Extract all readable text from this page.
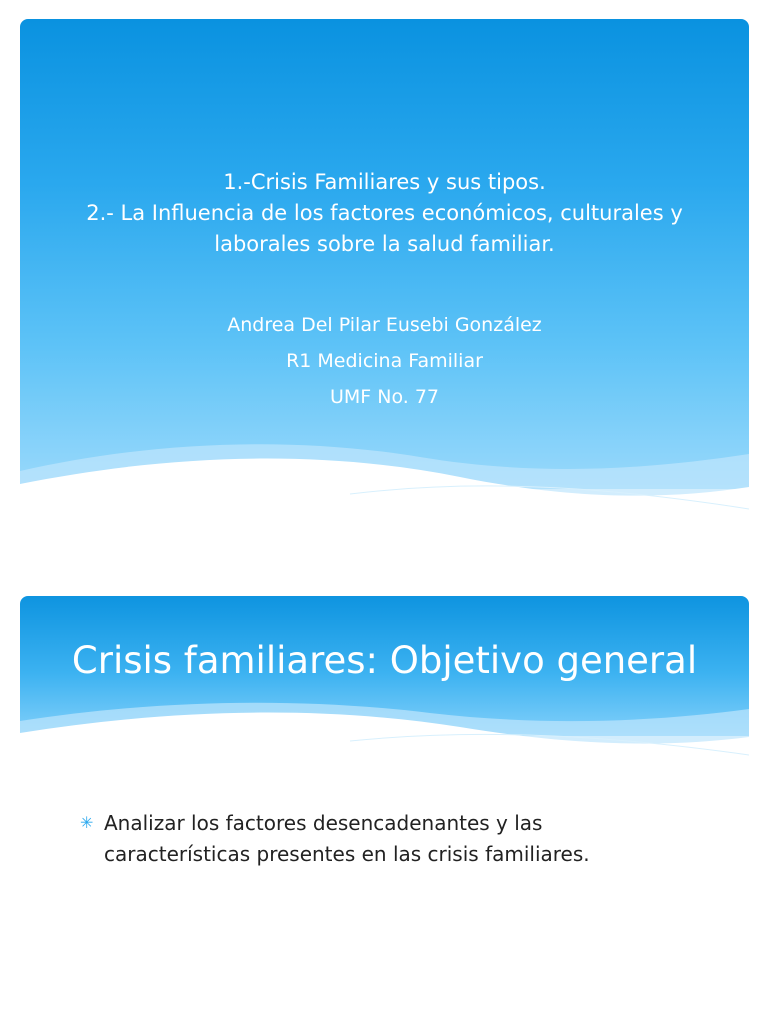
1.-Crisis Familiares y sus tipos.
2.- La Influencia de los factores económicos, culturales y
laborales sobre la salud familiar.
Andrea Del Pilar Eusebi González
R1 Medicina Familiar
UMF No. 77
Crisis familiares: Objetivo general
✳ Analizar los factores desencadenantes y las
características presentes en las crisis familiares.
